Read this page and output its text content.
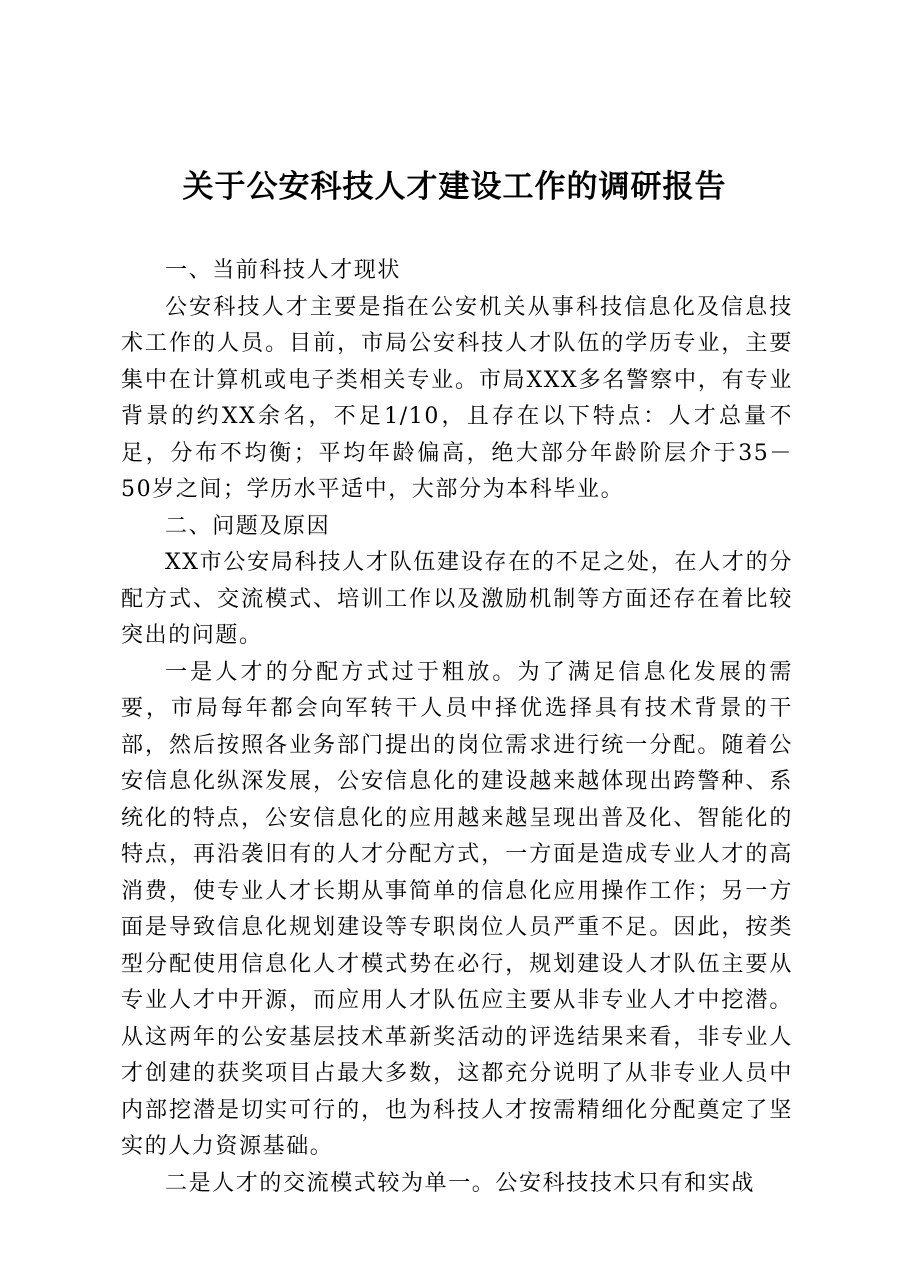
关于公安科技人才建设工作的调研报告

一、当前科技人才现状

公安科技人才主要是指在公安机关从事科技信息化及信息技术工作的人员。目前，市局公安科技人才队伍的学历专业，主要集中在计算机或电子类相关专业。市局XXX多名警察中，有专业背景的约XX余名，不足1/10，且存在以下特点：人才总量不足，分布不均衡；平均年龄偏高，绝大部分年龄阶层介于35－50岁之间；学历水平适中，大部分为本科毕业。

二、问题及原因

XX市公安局科技人才队伍建设存在的不足之处，在人才的分配方式、交流模式、培训工作以及激励机制等方面还存在着比较突出的问题。

一是人才的分配方式过于粗放。为了满足信息化发展的需要，市局每年都会向军转干人员中择优选择具有技术背景的干部，然后按照各业务部门提出的岗位需求进行统一分配。随着公安信息化纵深发展，公安信息化的建设越来越体现出跨警种、系统化的特点，公安信息化的应用越来越呈现出普及化、智能化的特点，再沿袭旧有的人才分配方式，一方面是造成专业人才的高消费，使专业人才长期从事简单的信息化应用操作工作；另一方面是导致信息化规划建设等专职岗位人员严重不足。因此，按类型分配使用信息化人才模式势在必行，规划建设人才队伍主要从专业人才中开源，而应用人才队伍应主要从非专业人才中挖潜。从这两年的公安基层技术革新奖活动的评选结果来看，非专业人才创建的获奖项目占最大多数，这都充分说明了从非专业人员中内部挖潜是切实可行的，也为科技人才按需精细化分配奠定了坚实的人力资源基础。

二是人才的交流模式较为单一。公安科技技术只有和实战
